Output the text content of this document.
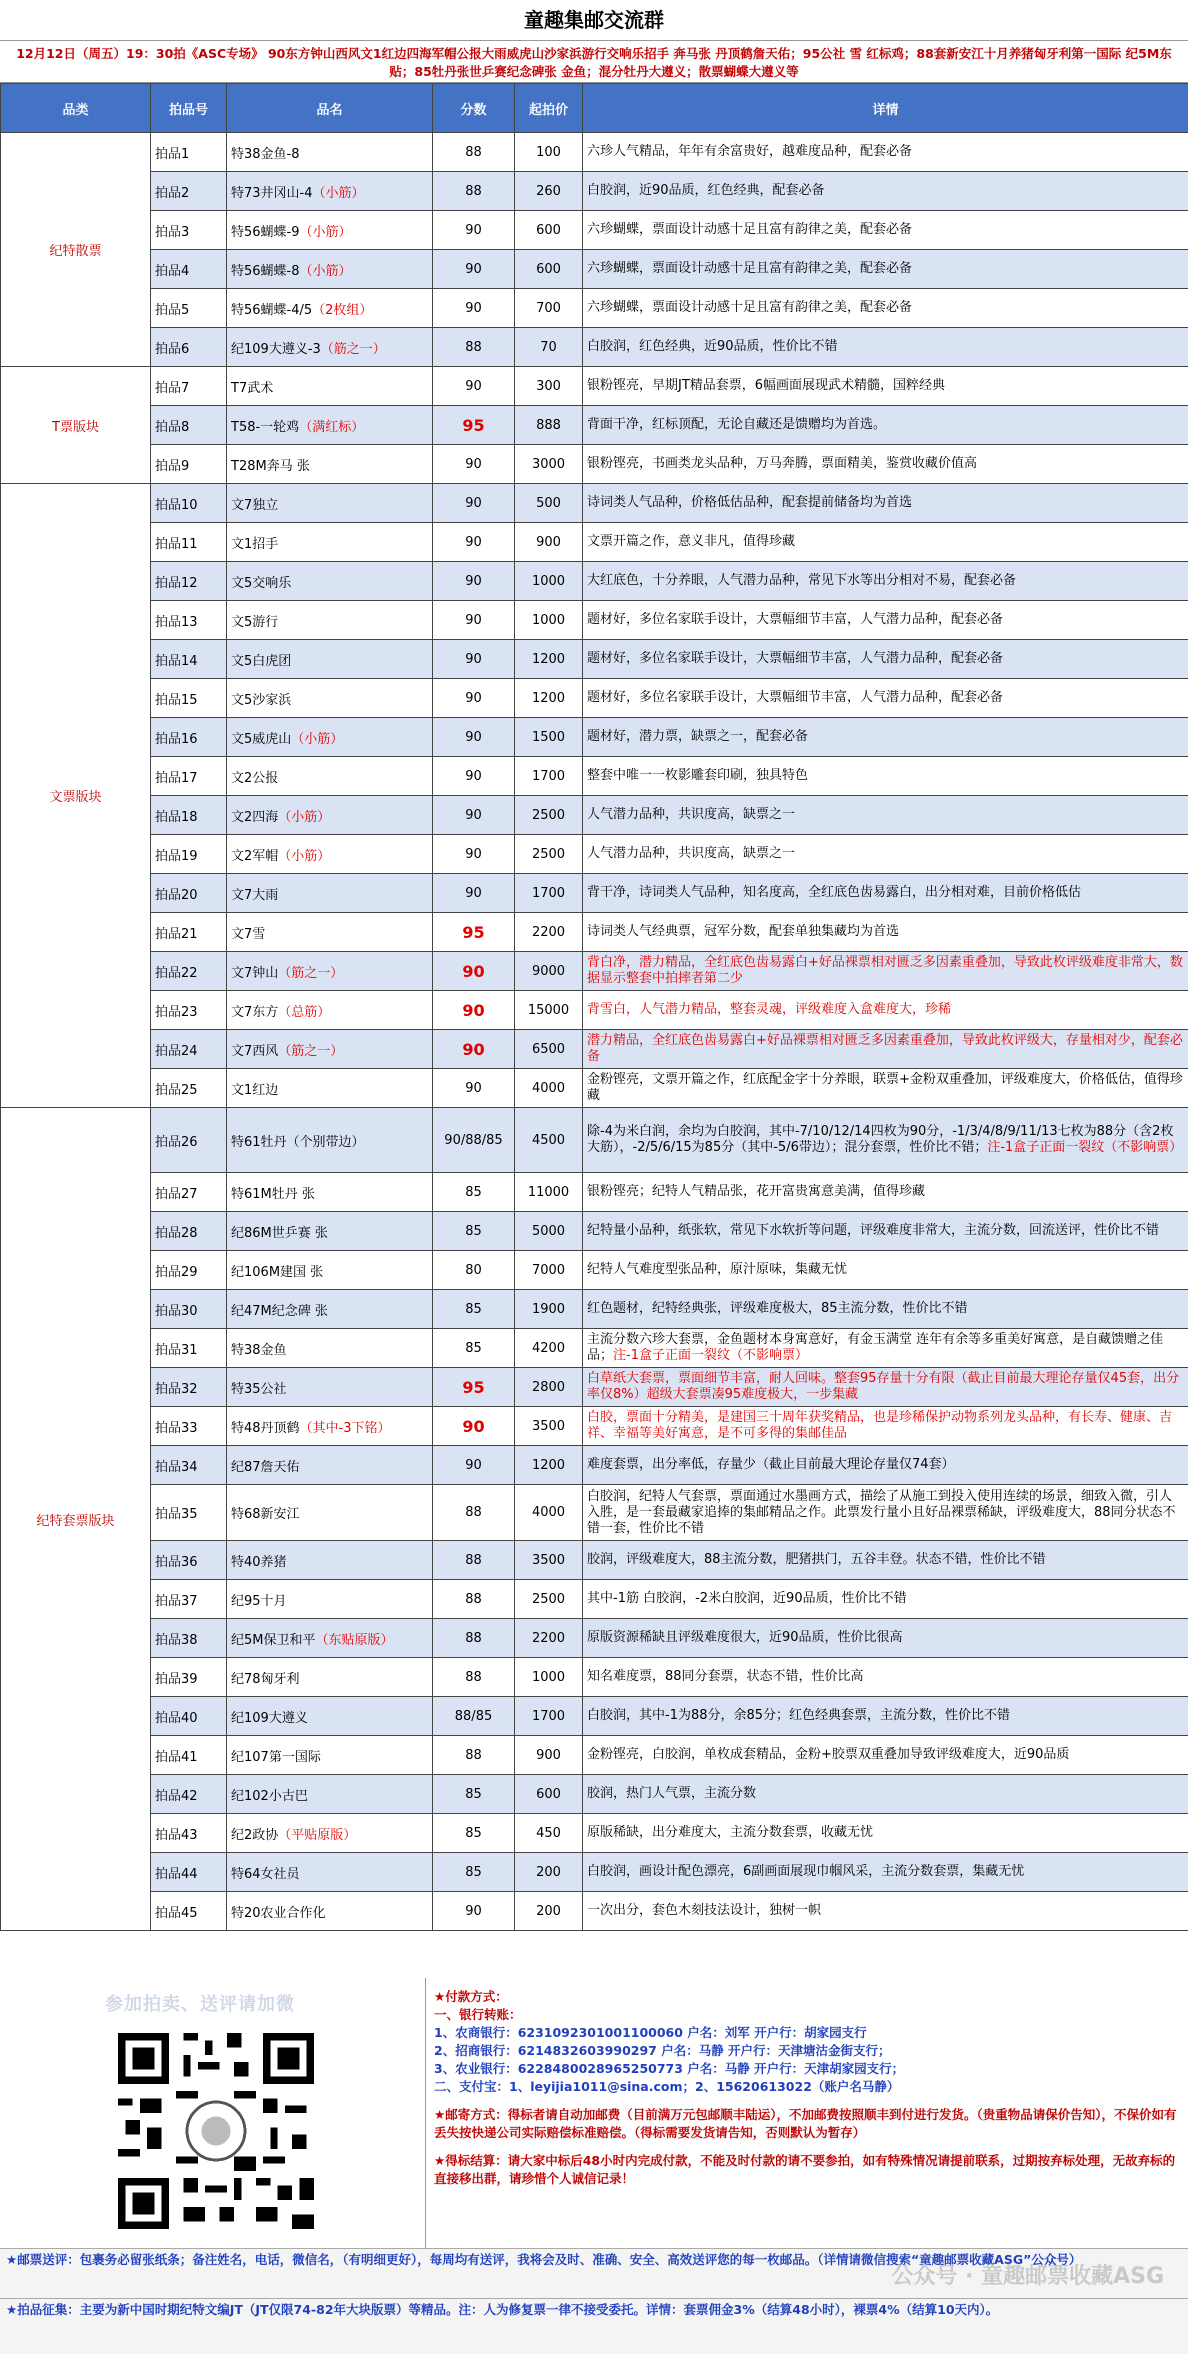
童趣集邮交流群
12月12日（周五）19：30拍《ASC专场》 90东方钟山西风文1红边四海军帽公报大雨威虎山沙家浜游行交响乐招手 奔马张 丹顶鹤詹天佑；95公社 雪 红标鸡；88套新安江十月养猪匈牙利第一国际 纪5M东贴；85牡丹张世乒赛纪念碑张 金鱼；混分牡丹大遵义；散票蝴蝶大遵义等
品类	拍品号	品名	分数	起拍价	详情
纪特散票	拍品1	特38金鱼-8	88	100	六珍人气精品，年年有余富贵好，越难度品种，配套必备
	拍品2	特73井冈山-4（小筋）	88	260	白胶润，近90品质，红色经典，配套必备
	拍品3	特56蝴蝶-9（小筋）	90	600	六珍蝴蝶，票面设计动感十足且富有韵律之美，配套必备
	拍品4	特56蝴蝶-8（小筋）	90	600	六珍蝴蝶，票面设计动感十足且富有韵律之美，配套必备
	拍品5	特56蝴蝶-4/5（2枚组）	90	700	六珍蝴蝶，票面设计动感十足且富有韵律之美，配套必备
	拍品6	纪109大遵义-3（筋之一）	88	70	白胶润，红色经典，近90品质，性价比不错
T票版块	拍品7	T7武术	90	300	银粉铿亮，早期JT精品套票，6幅画面展现武术精髓，国粹经典
	拍品8	T58-一轮鸡（满红标）	95	888	背面干净，红标顶配，无论自藏还是馈赠均为首选。
	拍品9	T28M奔马 张	90	3000	银粉铿亮，书画类龙头品种，万马奔腾，票面精美，鉴赏收藏价值高
文票版块	拍品10	文7独立	90	500	诗词类人气品种，价格低估品种，配套提前储备均为首选
	拍品11	文1招手	90	900	文票开篇之作，意义非凡，值得珍藏
	拍品12	文5交响乐	90	1000	大红底色，十分养眼，人气潜力品种，常见下水等出分相对不易，配套必备
	拍品13	文5游行	90	1000	题材好，多位名家联手设计，大票幅细节丰富，人气潜力品种，配套必备
	拍品14	文5白虎团	90	1200	题材好，多位名家联手设计，大票幅细节丰富，人气潜力品种，配套必备
	拍品15	文5沙家浜	90	1200	题材好，多位名家联手设计，大票幅细节丰富，人气潜力品种，配套必备
	拍品16	文5威虎山（小筋）	90	1500	题材好，潜力票，缺票之一，配套必备
	拍品17	文2公报	90	1700	整套中唯一一枚影雕套印刷，独具特色
	拍品18	文2四海（小筋）	90	2500	人气潜力品种，共识度高，缺票之一
	拍品19	文2军帽（小筋）	90	2500	人气潜力品种，共识度高，缺票之一
	拍品20	文7大雨	90	1700	背干净，诗词类人气品种，知名度高，全红底色齿易露白，出分相对难，目前价格低估
	拍品21	文7雪	95	2200	诗词类人气经典票，冠军分数，配套单独集藏均为首选
	拍品22	文7钟山（筋之一）	90	9000	背白净，潜力精品，全红底色齿易露白+好品裸票相对匮乏多因素重叠加，导致此枚评级难度非常大，数据显示整套中拍摔者第二少
	拍品23	文7东方（总筋）	90	15000	背雪白，人气潜力精品，整套灵魂，评级难度入盒难度大，珍稀
	拍品24	文7西风（筋之一）	90	6500	潜力精品，全红底色齿易露白+好品裸票相对匮乏多因素重叠加，导致此枚评级大，存量相对少，配套必备
	拍品25	文1红边	90	4000	金粉铿亮，文票开篇之作，红底配金字十分养眼，联票+金粉双重叠加，评级难度大，价格低估，值得珍藏
纪特套票版块	拍品26	特61牡丹（个别带边）	90/88/85	4500	除-4为米白润，余均为白胶润，其中-7/10/12/14四枚为90分，-1/3/4/8/9/11/13七枚为88分（含2枚大筋），-2/5/6/15为85分（其中-5/6带边）；混分套票，性价比不错；注-1盒子正面一裂纹（不影响票）
	拍品27	特61M牡丹 张	85	11000	银粉铿亮；纪特人气精品张，花开富贵寓意美满，值得珍藏
	拍品28	纪86M世乒赛 张	85	5000	纪特量小品种，纸张软，常见下水软折等问题，评级难度非常大，主流分数，回流送评，性价比不错
	拍品29	纪106M建国 张	80	7000	纪特人气难度型张品种，原汁原味，集藏无忧
	拍品30	纪47M纪念碑 张	85	1900	红色题材，纪特经典张，评级难度极大，85主流分数，性价比不错
	拍品31	特38金鱼	85	4200	主流分数六珍大套票，金鱼题材本身寓意好，有金玉满堂 连年有余等多重美好寓意，是自藏馈赠之佳品；注-1盒子正面一裂纹（不影响票）
	拍品32	特35公社	95	2800	白草纸大套票，票面细节丰富，耐人回味。整套95存量十分有限（截止目前最大理论存量仅45套，出分率仅8%）超级大套票凑95难度极大，一步集藏
	拍品33	特48丹顶鹤（其中-3下铭）	90	3500	白胶，票面十分精美，是建国三十周年获奖精品，也是珍稀保护动物系列龙头品种，有长寿、健康、吉祥、幸福等美好寓意，是不可多得的集邮佳品
	拍品34	纪87詹天佑	90	1200	难度套票，出分率低，存量少（截止目前最大理论存量仅74套）
	拍品35	特68新安江	88	4000	白胶润，纪特人气套票，票面通过水墨画方式，描绘了从施工到投入使用连续的场景，细致入微，引人入胜，是一套最藏家追捧的集邮精品之作。此票发行量小且好品裸票稀缺，评级难度大，88同分状态不错一套，性价比不错
	拍品36	特40养猪	88	3500	胶润，评级难度大，88主流分数，肥猪拱门，五谷丰登。状态不错，性价比不错
	拍品37	纪95十月	88	2500	其中-1筋 白胶润，-2米白胶润，近90品质，性价比不错
	拍品38	纪5M保卫和平（东贴原版）	88	2200	原版资源稀缺且评级难度很大，近90品质，性价比很高
	拍品39	纪78匈牙利	88	1000	知名难度票，88同分套票，状态不错，性价比高
	拍品40	纪109大遵义	88/85	1700	白胶润，其中-1为88分，余85分；红色经典套票，主流分数，性价比不错
	拍品41	纪107第一国际	88	900	金粉铿亮，白胶润，单枚成套精品，金粉+胶票双重叠加导致评级难度大，近90品质
	拍品42	纪102小古巴	85	600	胶润，热门人气票，主流分数
	拍品43	纪2政协（平贴原版）	85	450	原版稀缺，出分难度大，主流分数套票，收藏无忧
	拍品44	特64女社员	85	200	白胶润，画设计配色漂亮，6副画面展现巾帼风采，主流分数套票，集藏无忧
	拍品45	特20农业合作化	90	200	一次出分，套色木刻技法设计，独树一帜
参加拍卖、送评请加微	★付款方式：
一、银行转账：
1、农商银行：6231092301001100060 户名：刘军 开户行：胡家园支行
2、招商银行：6214832603990297 户名：马静 开户行：天津塘沽金街支行；
3、农业银行：6228480028965250773 户名：马静 开户行：天津胡家园支行；
二、支付宝：1、leyijia1011@sina.com；2、15620613022（账户名马静）
★邮寄方式：得标者请自动加邮费（目前满万元包邮顺丰陆运），不加邮费按照顺丰到付进行发货。（贵重物品请保价告知），不保价如有丢失按快递公司实际赔偿标准赔偿。（得标需要发货请告知，否则默认为暂存）
★得标结算：请大家中标后48小时内完成付款，不能及时付款的请不要参拍，如有特殊情况请提前联系，过期按弃标处理，无故弃标的直接移出群，请珍惜个人诚信记录！
★邮票送评：包裹务必留张纸条；备注姓名，电话，微信名，（有明细更好），每周均有送评，我将会及时、准确、安全、高效送评您的每一枚邮品。（详情请微信搜索“童趣邮票收藏ASG”公众号）
公众号 · 童趣邮票收藏ASG
★拍品征集：主要为新中国时期纪特文编JT（JT仅限74-82年大块版票）等精品。注：人为修复票一律不接受委托。详情：套票佣金3%（结算48小时），裸票4%（结算10天内）。
